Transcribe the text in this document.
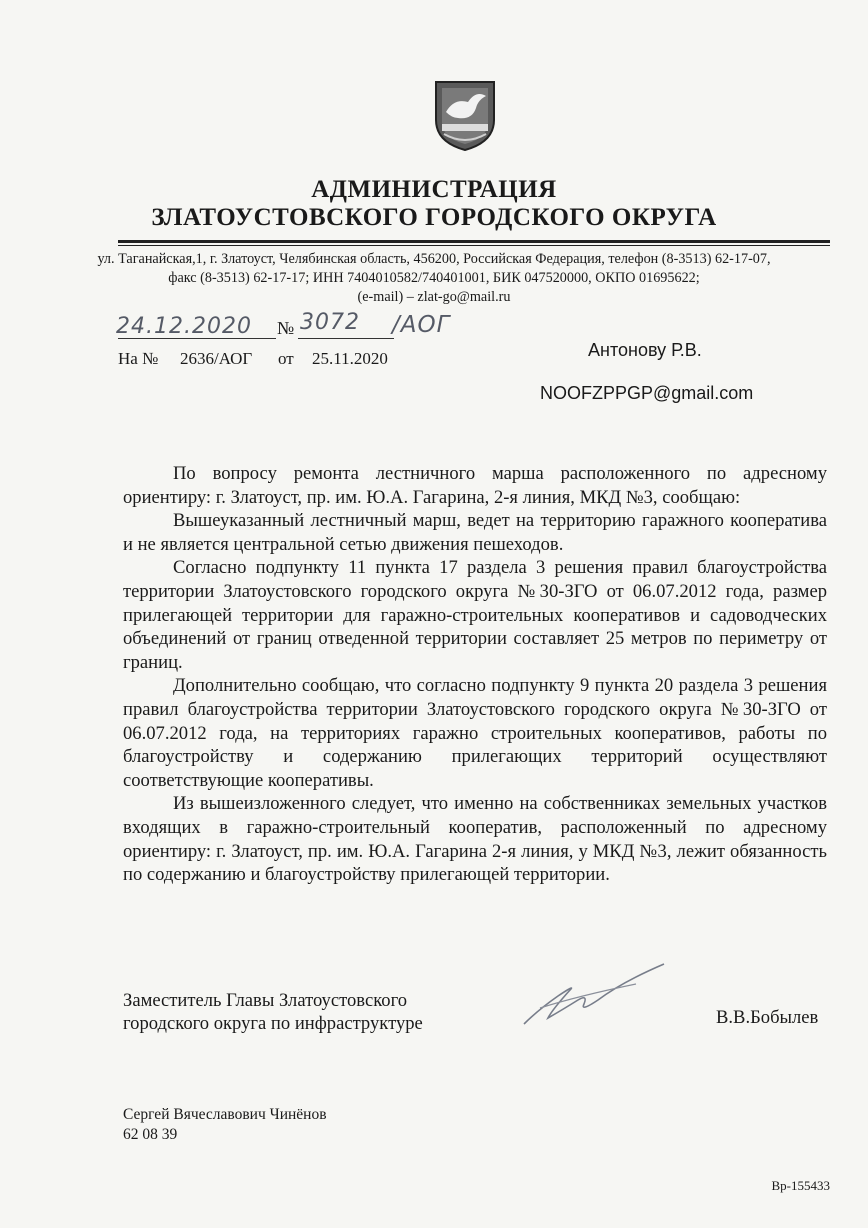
АДМИНИСТРАЦИЯ
ЗЛАТОУСТОВСКОГО ГОРОДСКОГО ОКРУГА
ул. Таганайская,1, г. Златоуст, Челябинская область, 456200, Российская Федерация, телефон (8-3513) 62-17-07,
факс (8-3513) 62-17-17; ИНН 7404010582/740401001, БИК 047520000, ОКПО 01695622;
(e-mail) – zlat-go@mail.ru
24.12.2020 № 3072 /АОГ
На № 2636/АОГ от 25.11.2020	Антонову Р.В.
NOOFZPPGP@gmail.com

По вопросу ремонта лестничного марша расположенного по адресному ориентиру: г. Златоуст, пр. им. Ю.А. Гагарина, 2-я линия, МКД №3, сообщаю:

Вышеуказанный лестничный марш, ведет на территорию гаражного кооператива и не является центральной сетью движения пешеходов.

Согласно подпункту 11 пункта 17 раздела 3 решения правил благоустройства территории Златоустовского городского округа №30-ЗГО от 06.07.2012 года, размер прилегающей территории для гаражно-строительных кооперативов и садоводческих объединений от границ отведенной территории составляет 25 метров по периметру от границ.

Дополнительно сообщаю, что согласно подпункту 9 пункта 20 раздела 3 решения правил благоустройства территории Златоустовского городского округа №30-ЗГО от 06.07.2012 года, на территориях гаражно строительных кооперативов, работы по благоустройству и содержанию прилегающих территорий осуществляют соответствующие кооперативы.

Из вышеизложенного следует, что именно на собственниках земельных участков входящих в гаражно-строительный кооператив, расположенный по адресному ориентиру: г. Златоуст, пр. им. Ю.А. Гагарина 2-я линия, у МКД №3, лежит обязанность по содержанию и благоустройству прилегающей территории.

Заместитель Главы Златоустовского
городского округа по инфраструктуре	В.В.Бобылев
Сергей Вячеславович Чинёнов
62 08 39
Вр-155433
